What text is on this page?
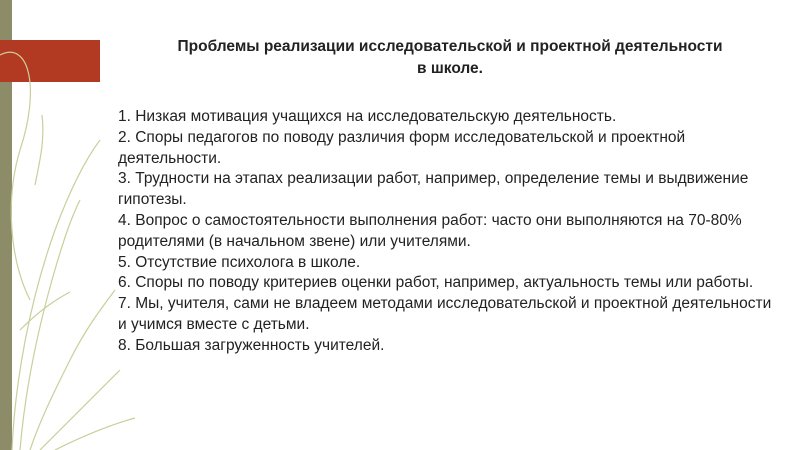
Проблемы реализации исследовательской и проектной деятельности
в школе.
1. Низкая мотивация учащихся на исследовательскую деятельность.
2. Споры педагогов по поводу различия форм исследовательской и проектной деятельности.
3. Трудности на этапах реализации работ, например, определение темы и выдвижение гипотезы.
4. Вопрос о самостоятельности выполнения работ: часто они выполняются на 70-80% родителями (в начальном звене) или учителями.
5. Отсутствие психолога в школе.
6. Споры по поводу критериев оценки работ, например, актуальность темы или работы.
7. Мы, учителя, сами не владеем методами исследовательской и проектной деятельности и учимся вместе с детьми.
8. Большая загруженность учителей.
